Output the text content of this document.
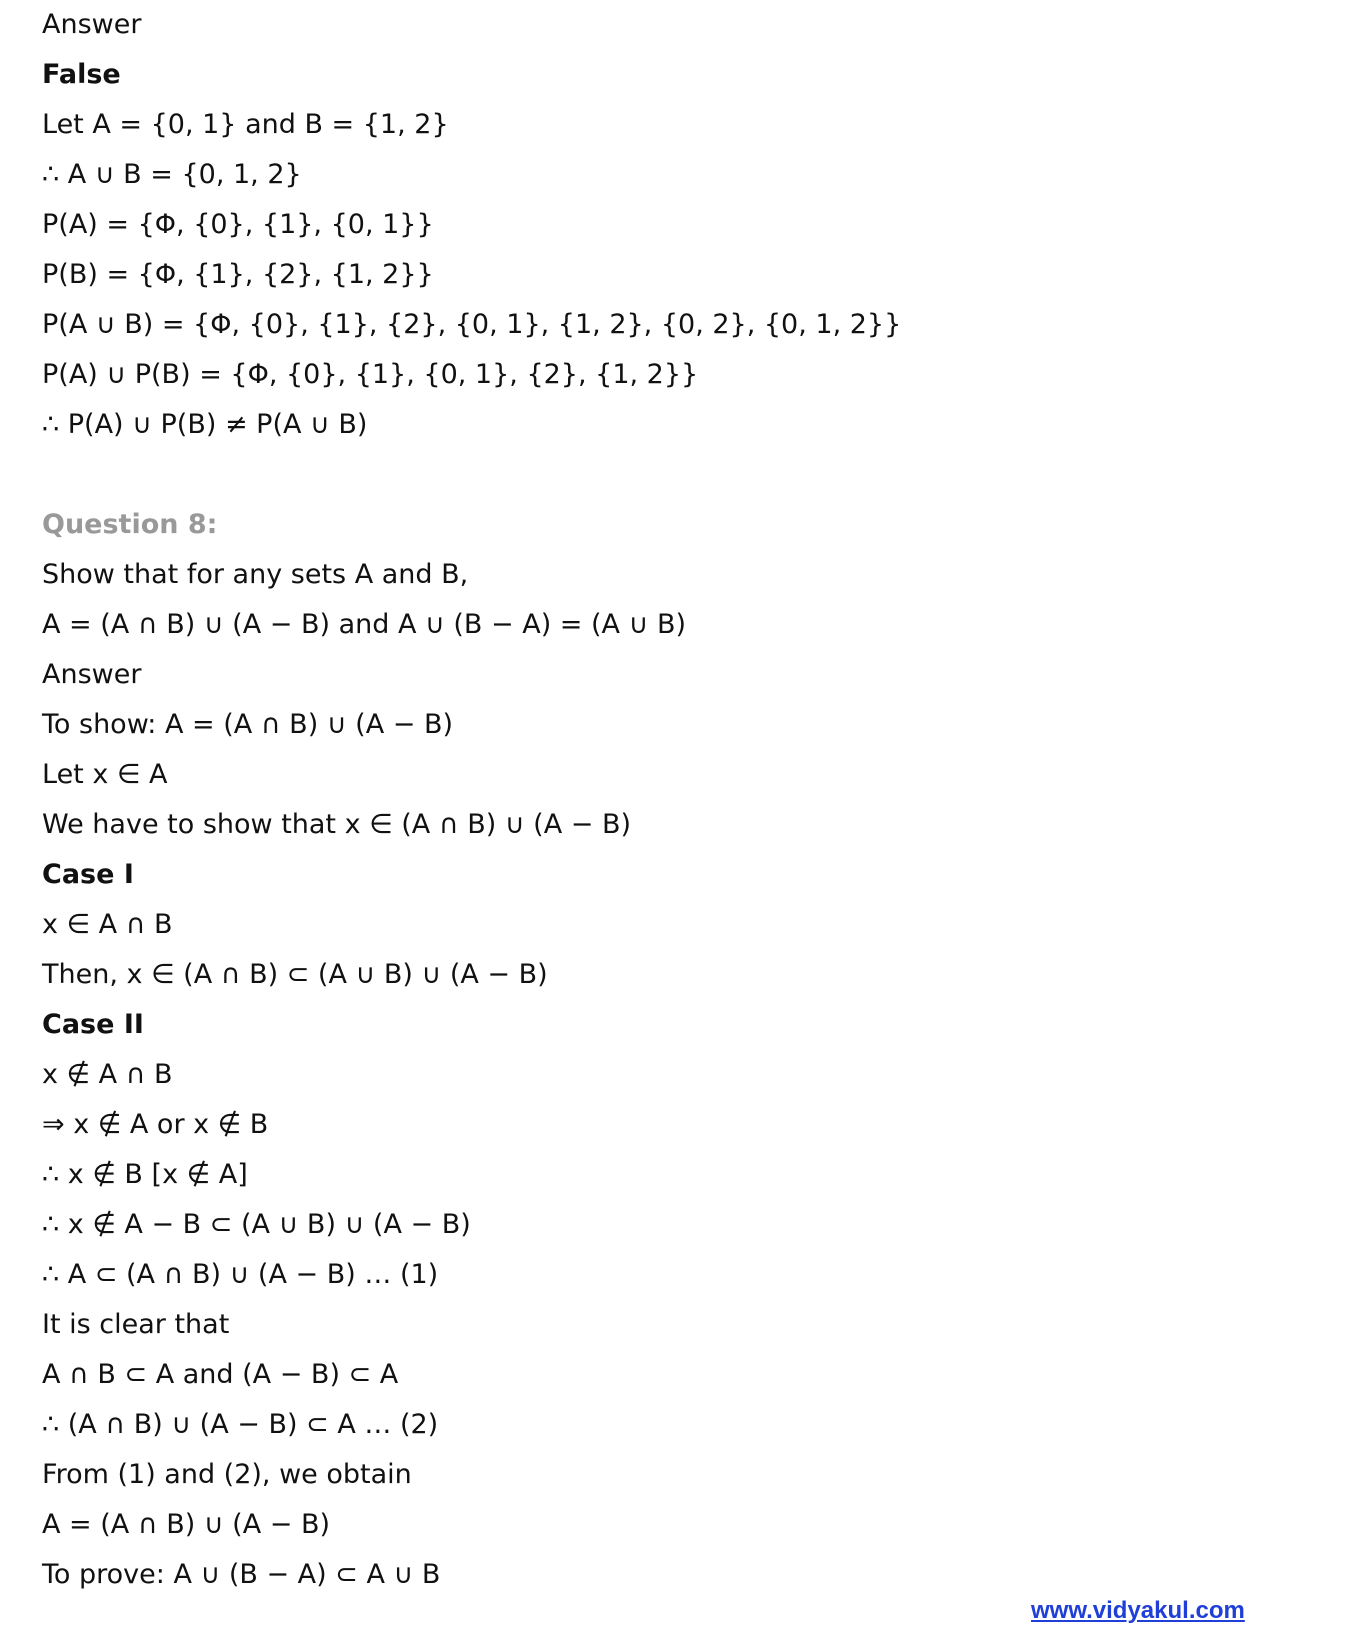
Answer
False
Let A = {0, 1} and B = {1, 2}
∴ A ∪ B = {0, 1, 2}
P(A) = {Φ, {0}, {1}, {0, 1}}
P(B) = {Φ, {1}, {2}, {1, 2}}
P(A ∪ B) = {Φ, {0}, {1}, {2}, {0, 1}, {1, 2}, {0, 2}, {0, 1, 2}}
P(A) ∪ P(B) = {Φ, {0}, {1}, {0, 1}, {2}, {1, 2}}
∴ P(A) ∪ P(B) ≠ P(A ∪ B)
Question 8:
Show that for any sets A and B,
A = (A ∩ B) ∪ (A − B) and A ∪ (B − A) = (A ∪ B)
Answer
To show: A = (A ∩ B) ∪ (A − B)
Let x ∈ A
We have to show that x ∈ (A ∩ B) ∪ (A − B)
Case I
x ∈ A ∩ B
Then, x ∈ (A ∩ B) ⊂ (A ∪ B) ∪ (A − B)
Case II
x ∉ A ∩ B
⇒ x ∉ A or x ∉ B
∴ x ∉ B [x ∉ A]
∴ x ∉ A − B ⊂ (A ∪ B) ∪ (A − B)
∴ A ⊂ (A ∩ B) ∪ (A − B) … (1)
It is clear that
A ∩ B ⊂ A and (A − B) ⊂ A
∴ (A ∩ B) ∪ (A − B) ⊂ A … (2)
From (1) and (2), we obtain
A = (A ∩ B) ∪ (A − B)
To prove: A ∪ (B − A) ⊂ A ∪ B
www.vidyakul.com
